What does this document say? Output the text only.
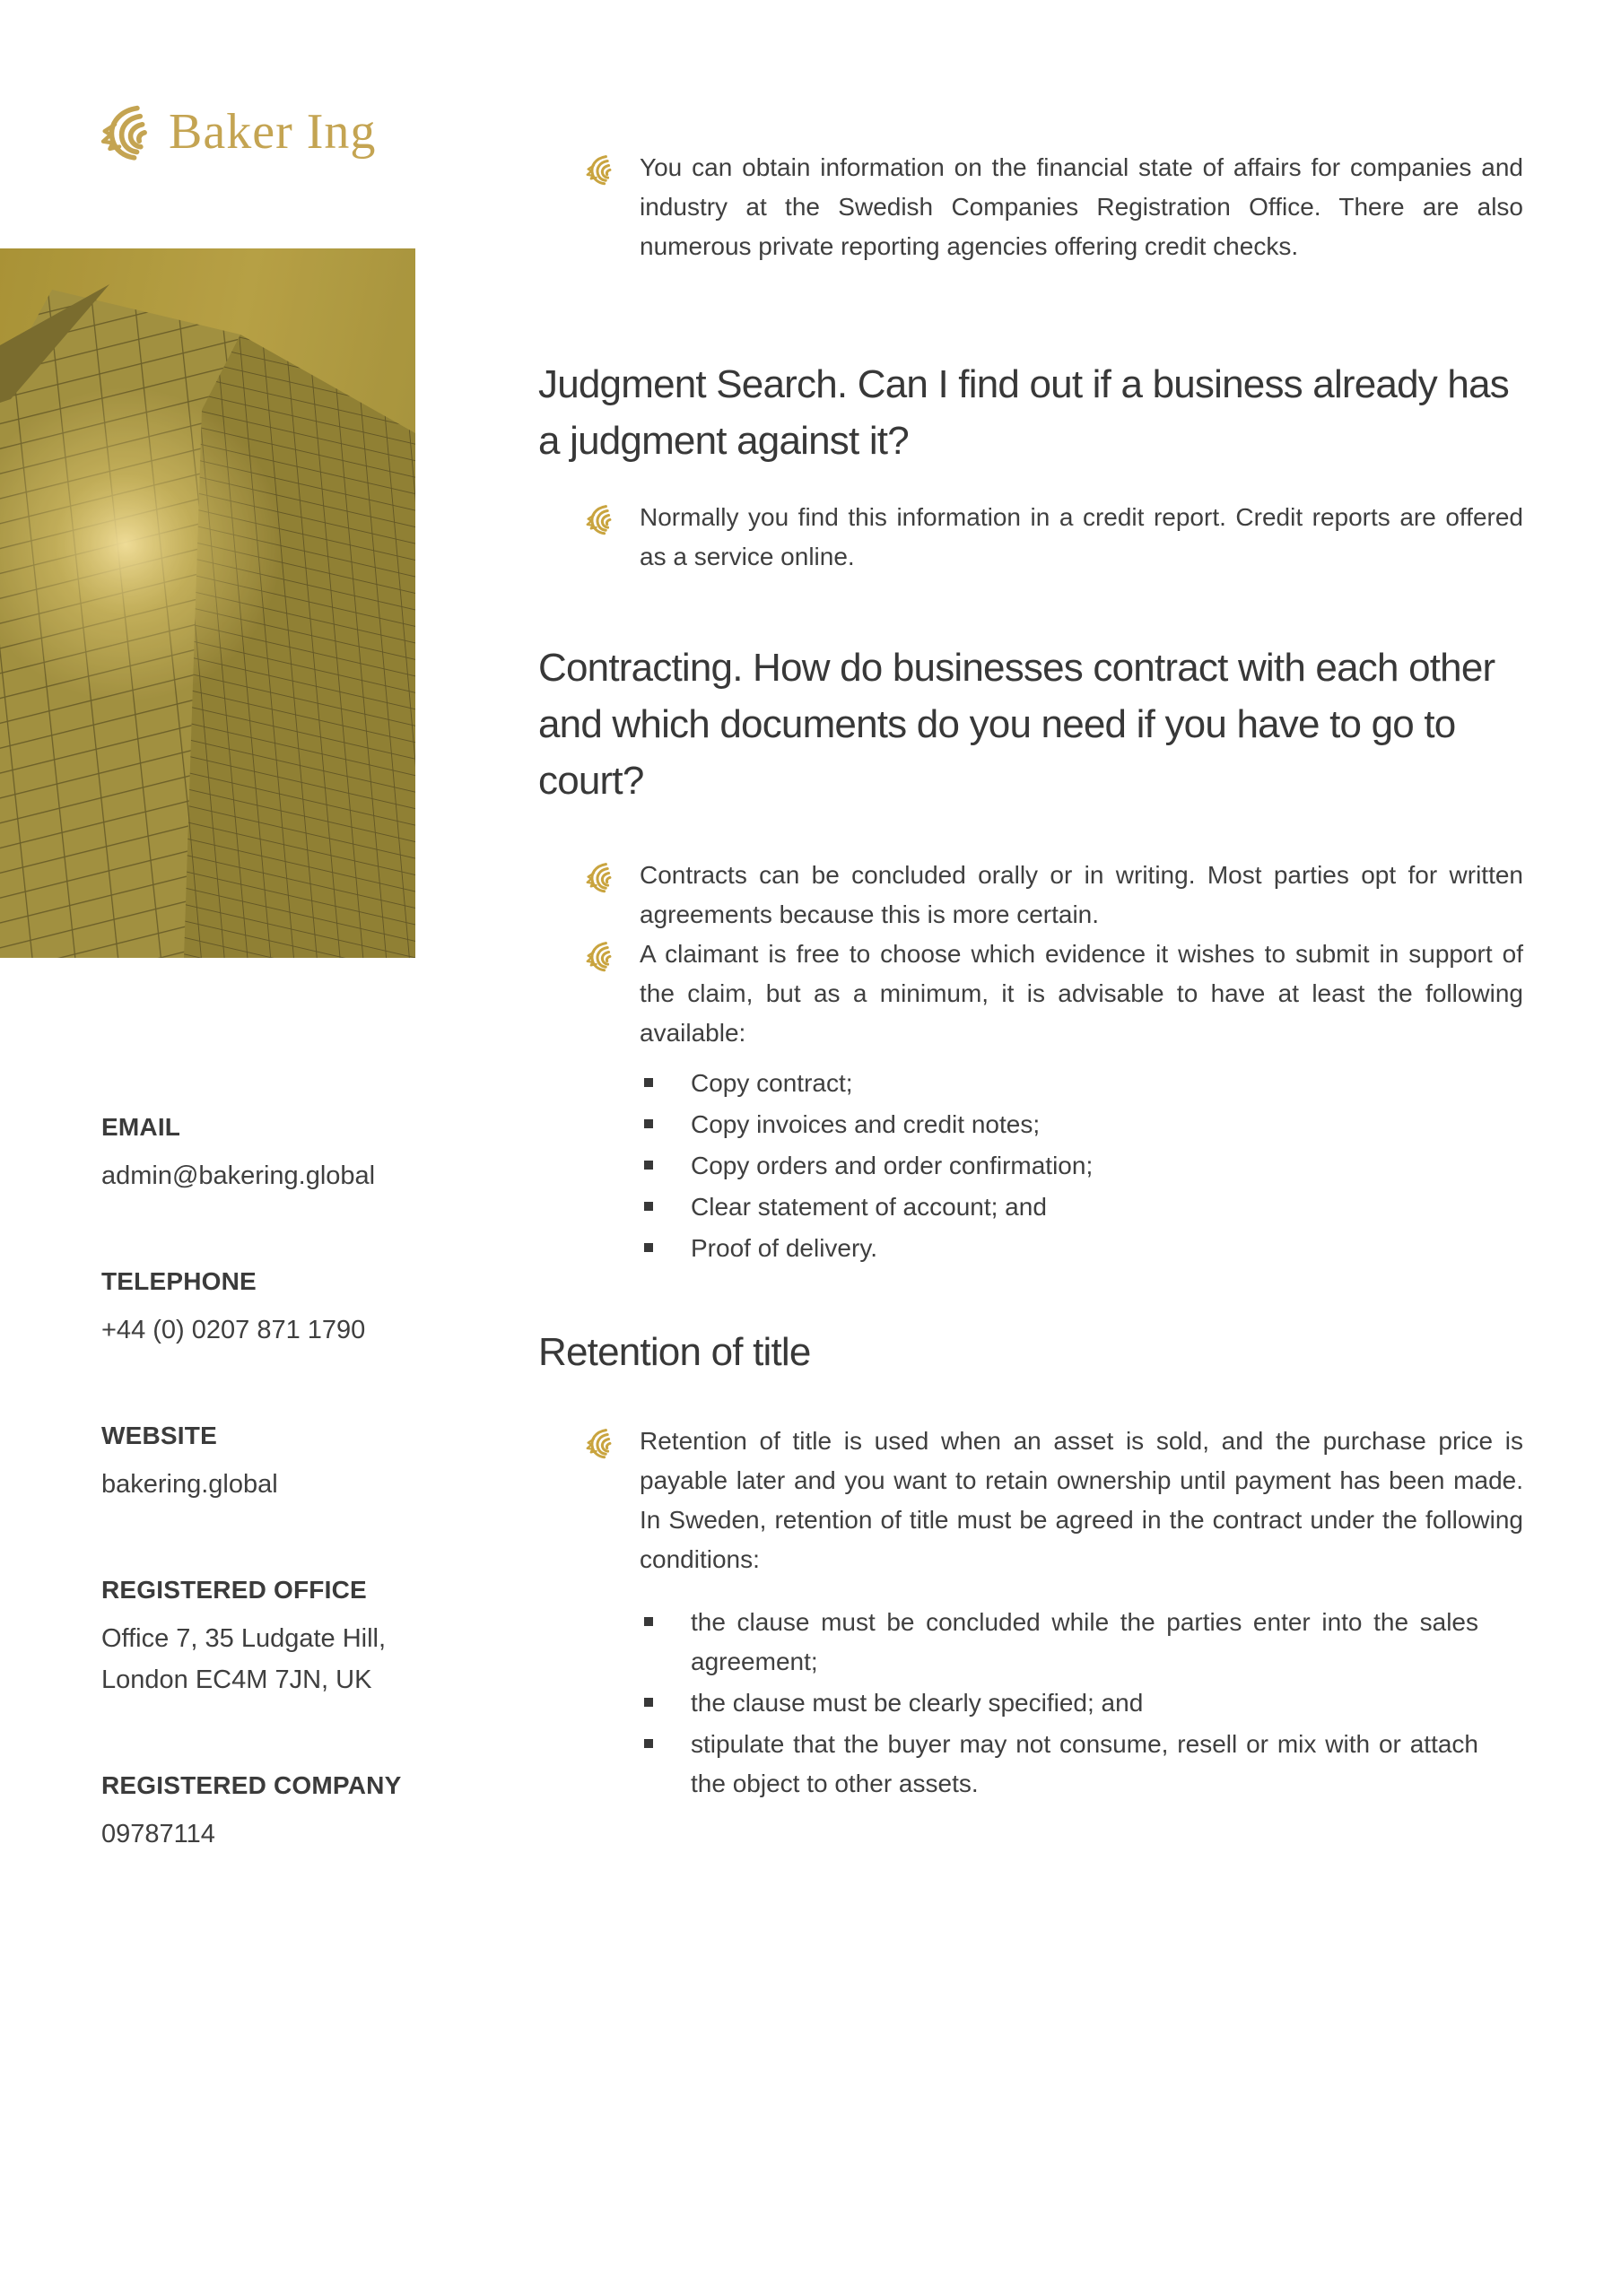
Baker Ing
EMAIL

admin@bakering.global

TELEPHONE

+44 (0) 0207 871 1790

WEBSITE

bakering.global

REGISTERED OFFICE

Office 7, 35 Ludgate Hill,
London EC4M 7JN, UK

REGISTERED COMPANY

09787114

You can obtain information on the financial state of affairs for companies and industry at the Swedish Companies Registration Office. There are also numerous private reporting agencies offering credit checks.

Judgment Search. Can I find out if a business already has a judgment against it?

Normally you find this information in a credit report. Credit reports are offered as a service online.

Contracting. How do businesses contract with each other and which documents do you need if you have to go to court?

Contracts can be concluded orally or in writing. Most parties opt for written agreements because this is more certain.

A claimant is free to choose which evidence it wishes to submit in support of the claim, but as a minimum, it is advisable to have at least the following available:

Copy contract;
Copy invoices and credit notes;
Copy orders and order confirmation;
Clear statement of account; and
Proof of delivery.
Retention of title

Retention of title is used when an asset is sold, and the purchase price is payable later and you want to retain ownership until payment has been made. In Sweden, retention of title must be agreed in the contract under the following conditions:

the clause must be concluded while the parties enter into the sales agreement;
the clause must be clearly specified; and
stipulate that the buyer may not consume, resell or mix with or attach the object to other assets.
